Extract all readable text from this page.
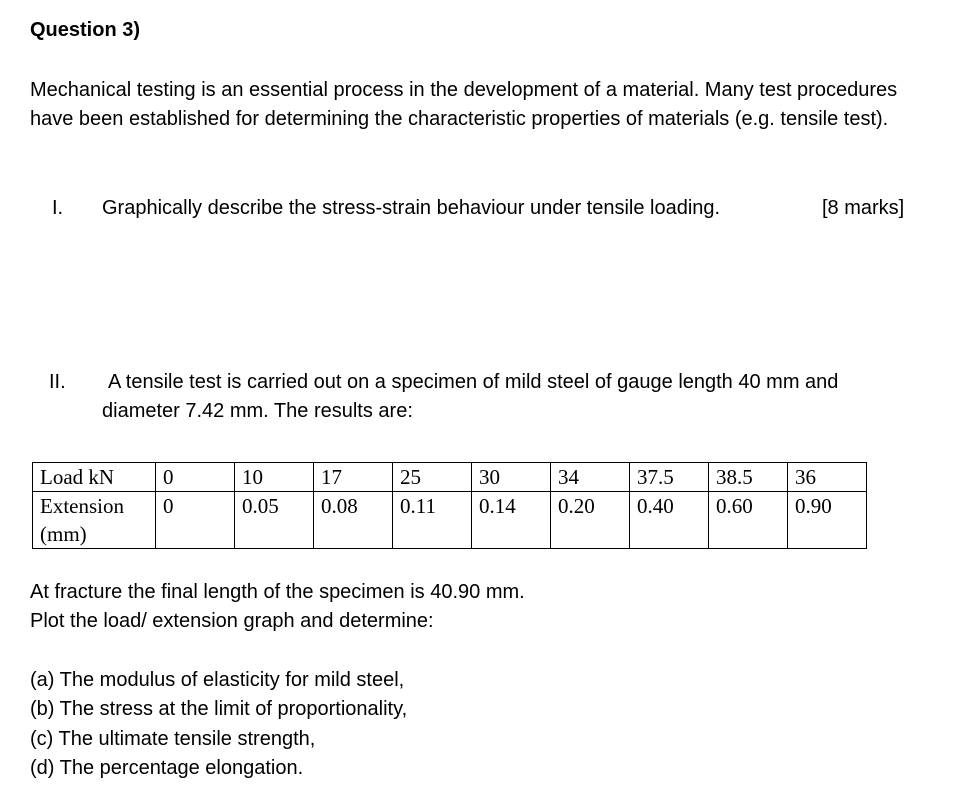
Question 3)
Mechanical testing is an essential process in the development of a material. Many test procedures have been established for determining the characteristic properties of materials (e.g. tensile test).
I. Graphically describe the stress-strain behaviour under tensile loading.	[8 marks]
II. A tensile test is carried out on a specimen of mild steel of gauge length 40 mm and
diameter 7.42 mm. The results are:
Load kN	0	10	17	25	30	34	37.5	38.5	36
Extension (mm)	0	0.05	0.08	0.11	0.14	0.20	0.40	0.60	0.90
At fracture the final length of the specimen is 40.90 mm.
Plot the load/ extension graph and determine:
(a) The modulus of elasticity for mild steel,
(b) The stress at the limit of proportionality,
(c) The ultimate tensile strength,
(d) The percentage elongation.
